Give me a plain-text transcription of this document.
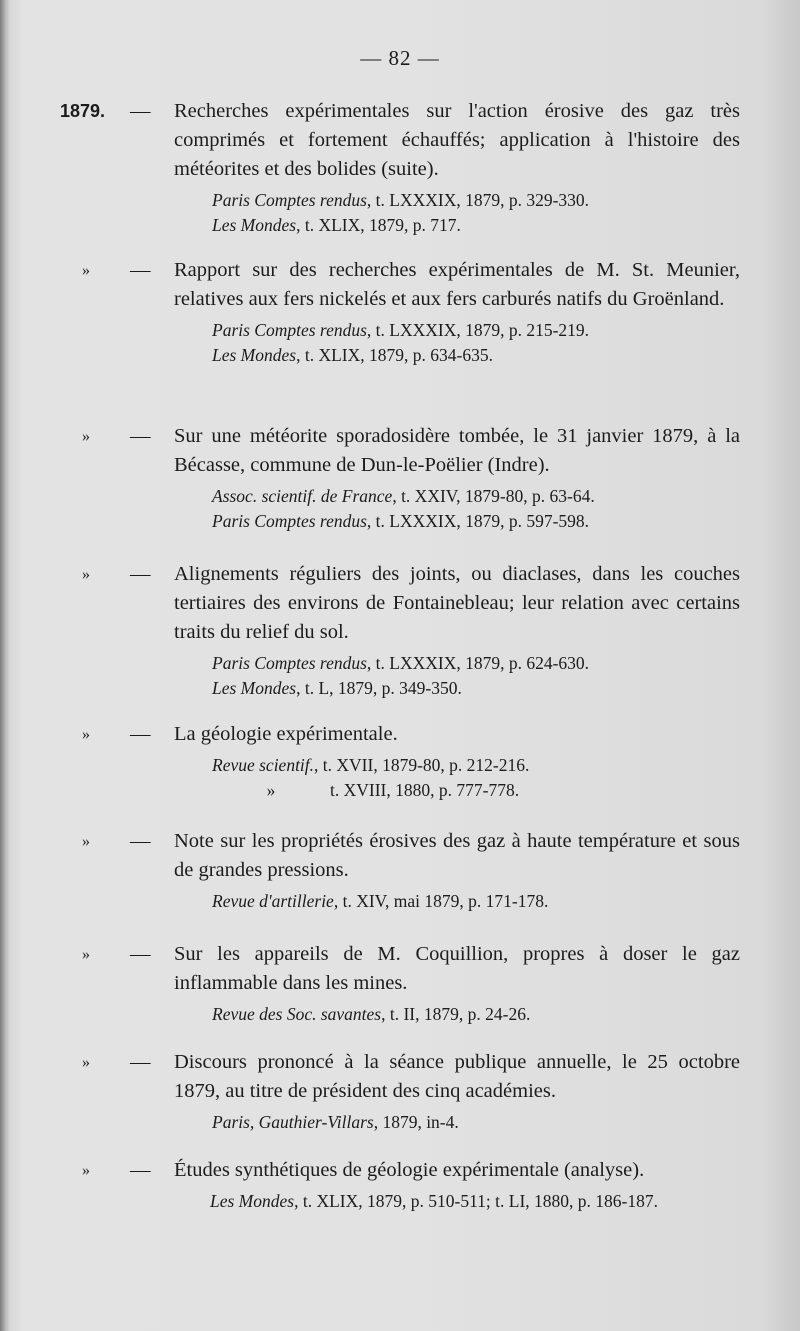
— 82 —
1879.	— Recherches expérimentales sur l'action érosive des gaz très comprimés et fortement échauffés; application à l'histoire des météorites et des bolides (suite).
Paris Comptes rendus, t. LXXXIX, 1879, p. 329-330.
Les Mondes, t. XLIX, 1879, p. 717.
»	— Rapport sur des recherches expérimentales de M. St. Meunier, relatives aux fers nickelés et aux fers carburés natifs du Groënland.
Paris Comptes rendus, t. LXXXIX, 1879, p. 215-219.
Les Mondes, t. XLIX, 1879, p. 634-635.
»	— Sur une météorite sporadosidère tombée, le 31 janvier 1879, à la Bécasse, commune de Dun-le-Poëlier (Indre).
Assoc. scientif. de France, t. XXIV, 1879-80, p. 63-64.
Paris Comptes rendus, t. LXXXIX, 1879, p. 597-598.
»	— Alignements réguliers des joints, ou diaclases, dans les couches tertiaires des environs de Fontainebleau; leur relation avec certains traits du relief du sol.
Paris Comptes rendus, t. LXXXIX, 1879, p. 624-630.
Les Mondes, t. L, 1879, p. 349-350.
»	— La géologie expérimentale.
Revue scientif., t. XVII, 1879-80, p. 212-216.
»	t. XVIII, 1880, p. 777-778.
»	— Note sur les propriétés érosives des gaz à haute température et sous de grandes pressions.
Revue d'artillerie, t. XIV, mai 1879, p. 171-178.
»	— Sur les appareils de M. Coquillion, propres à doser le gaz inflammable dans les mines.
Revue des Soc. savantes, t. II, 1879, p. 24-26.
»	— Discours prononcé à la séance publique annuelle, le 25 octobre 1879, au titre de président des cinq académies.
Paris, Gauthier-Villars, 1879, in-4.
»	— Études synthétiques de géologie expérimentale (analyse).
Les Mondes, t. XLIX, 1879, p. 510-511; t. LI, 1880, p. 186-187.
